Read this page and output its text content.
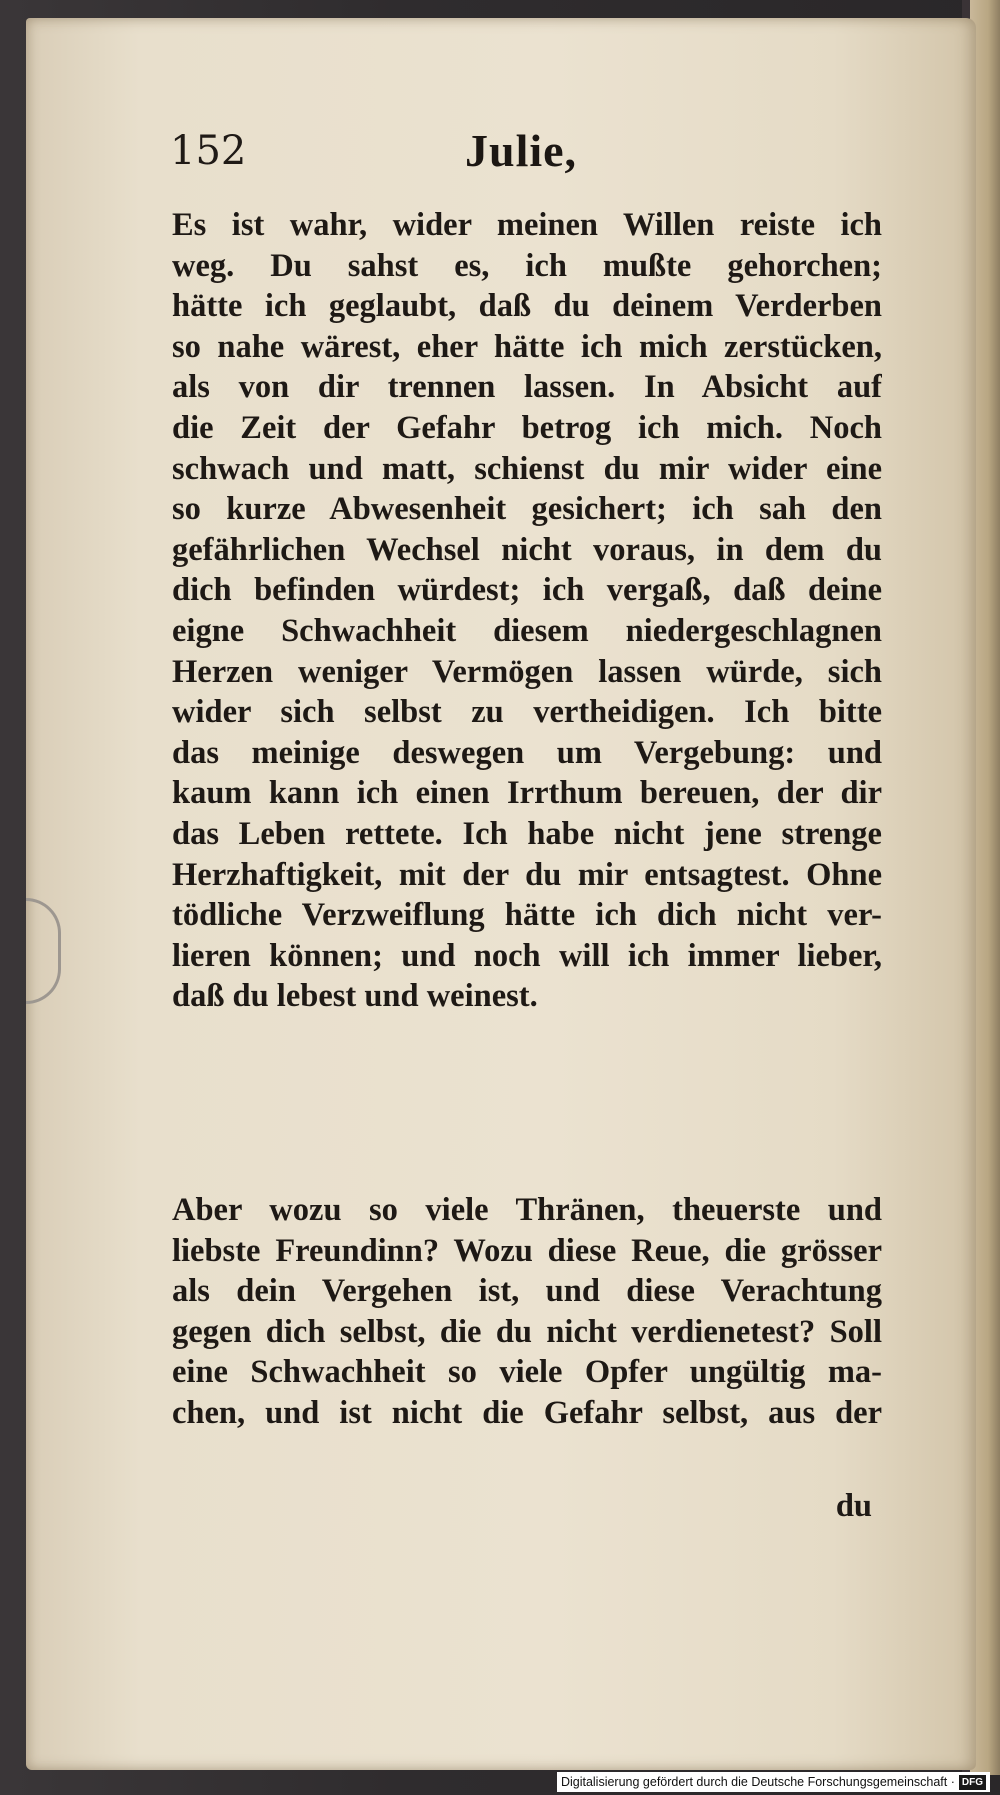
152	Julie,
Es ist wahr, wider meinen Willen reiste ich
weg. Du sahst es, ich mußte gehorchen;
hätte ich geglaubt, daß du deinem Verderben
so nahe wärest, eher hätte ich mich zerstücken,
als von dir trennen lassen. In Absicht auf
die Zeit der Gefahr betrog ich mich. Noch
schwach und matt, schienst du mir wider eine
so kurze Abwesenheit gesichert; ich sah den
gefährlichen Wechsel nicht voraus, in dem du
dich befinden würdest; ich vergaß, daß deine
eigne Schwachheit diesem niedergeschlagnen
Herzen weniger Vermögen lassen würde, sich
wider sich selbst zu vertheidigen. Ich bitte
das meinige deswegen um Vergebung: und
kaum kann ich einen Irrthum bereuen, der dir
das Leben rettete. Ich habe nicht jene strenge
Herzhaftigkeit, mit der du mir entsagtest. Ohne
tödliche Verzweiflung hätte ich dich nicht ver-
lieren können; und noch will ich immer lieber,
daß du lebest und weinest.
Aber wozu so viele Thränen, theuerste und
liebste Freundinn? Wozu diese Reue, die grösser
als dein Vergehen ist, und diese Verachtung
gegen dich selbst, die du nicht verdienetest? Soll
eine Schwachheit so viele Opfer ungültig ma-
chen, und ist nicht die Gefahr selbst, aus der
du
Digitalisierung gefördert durch die Deutsche Forschungsgemeinschaft · DFG
